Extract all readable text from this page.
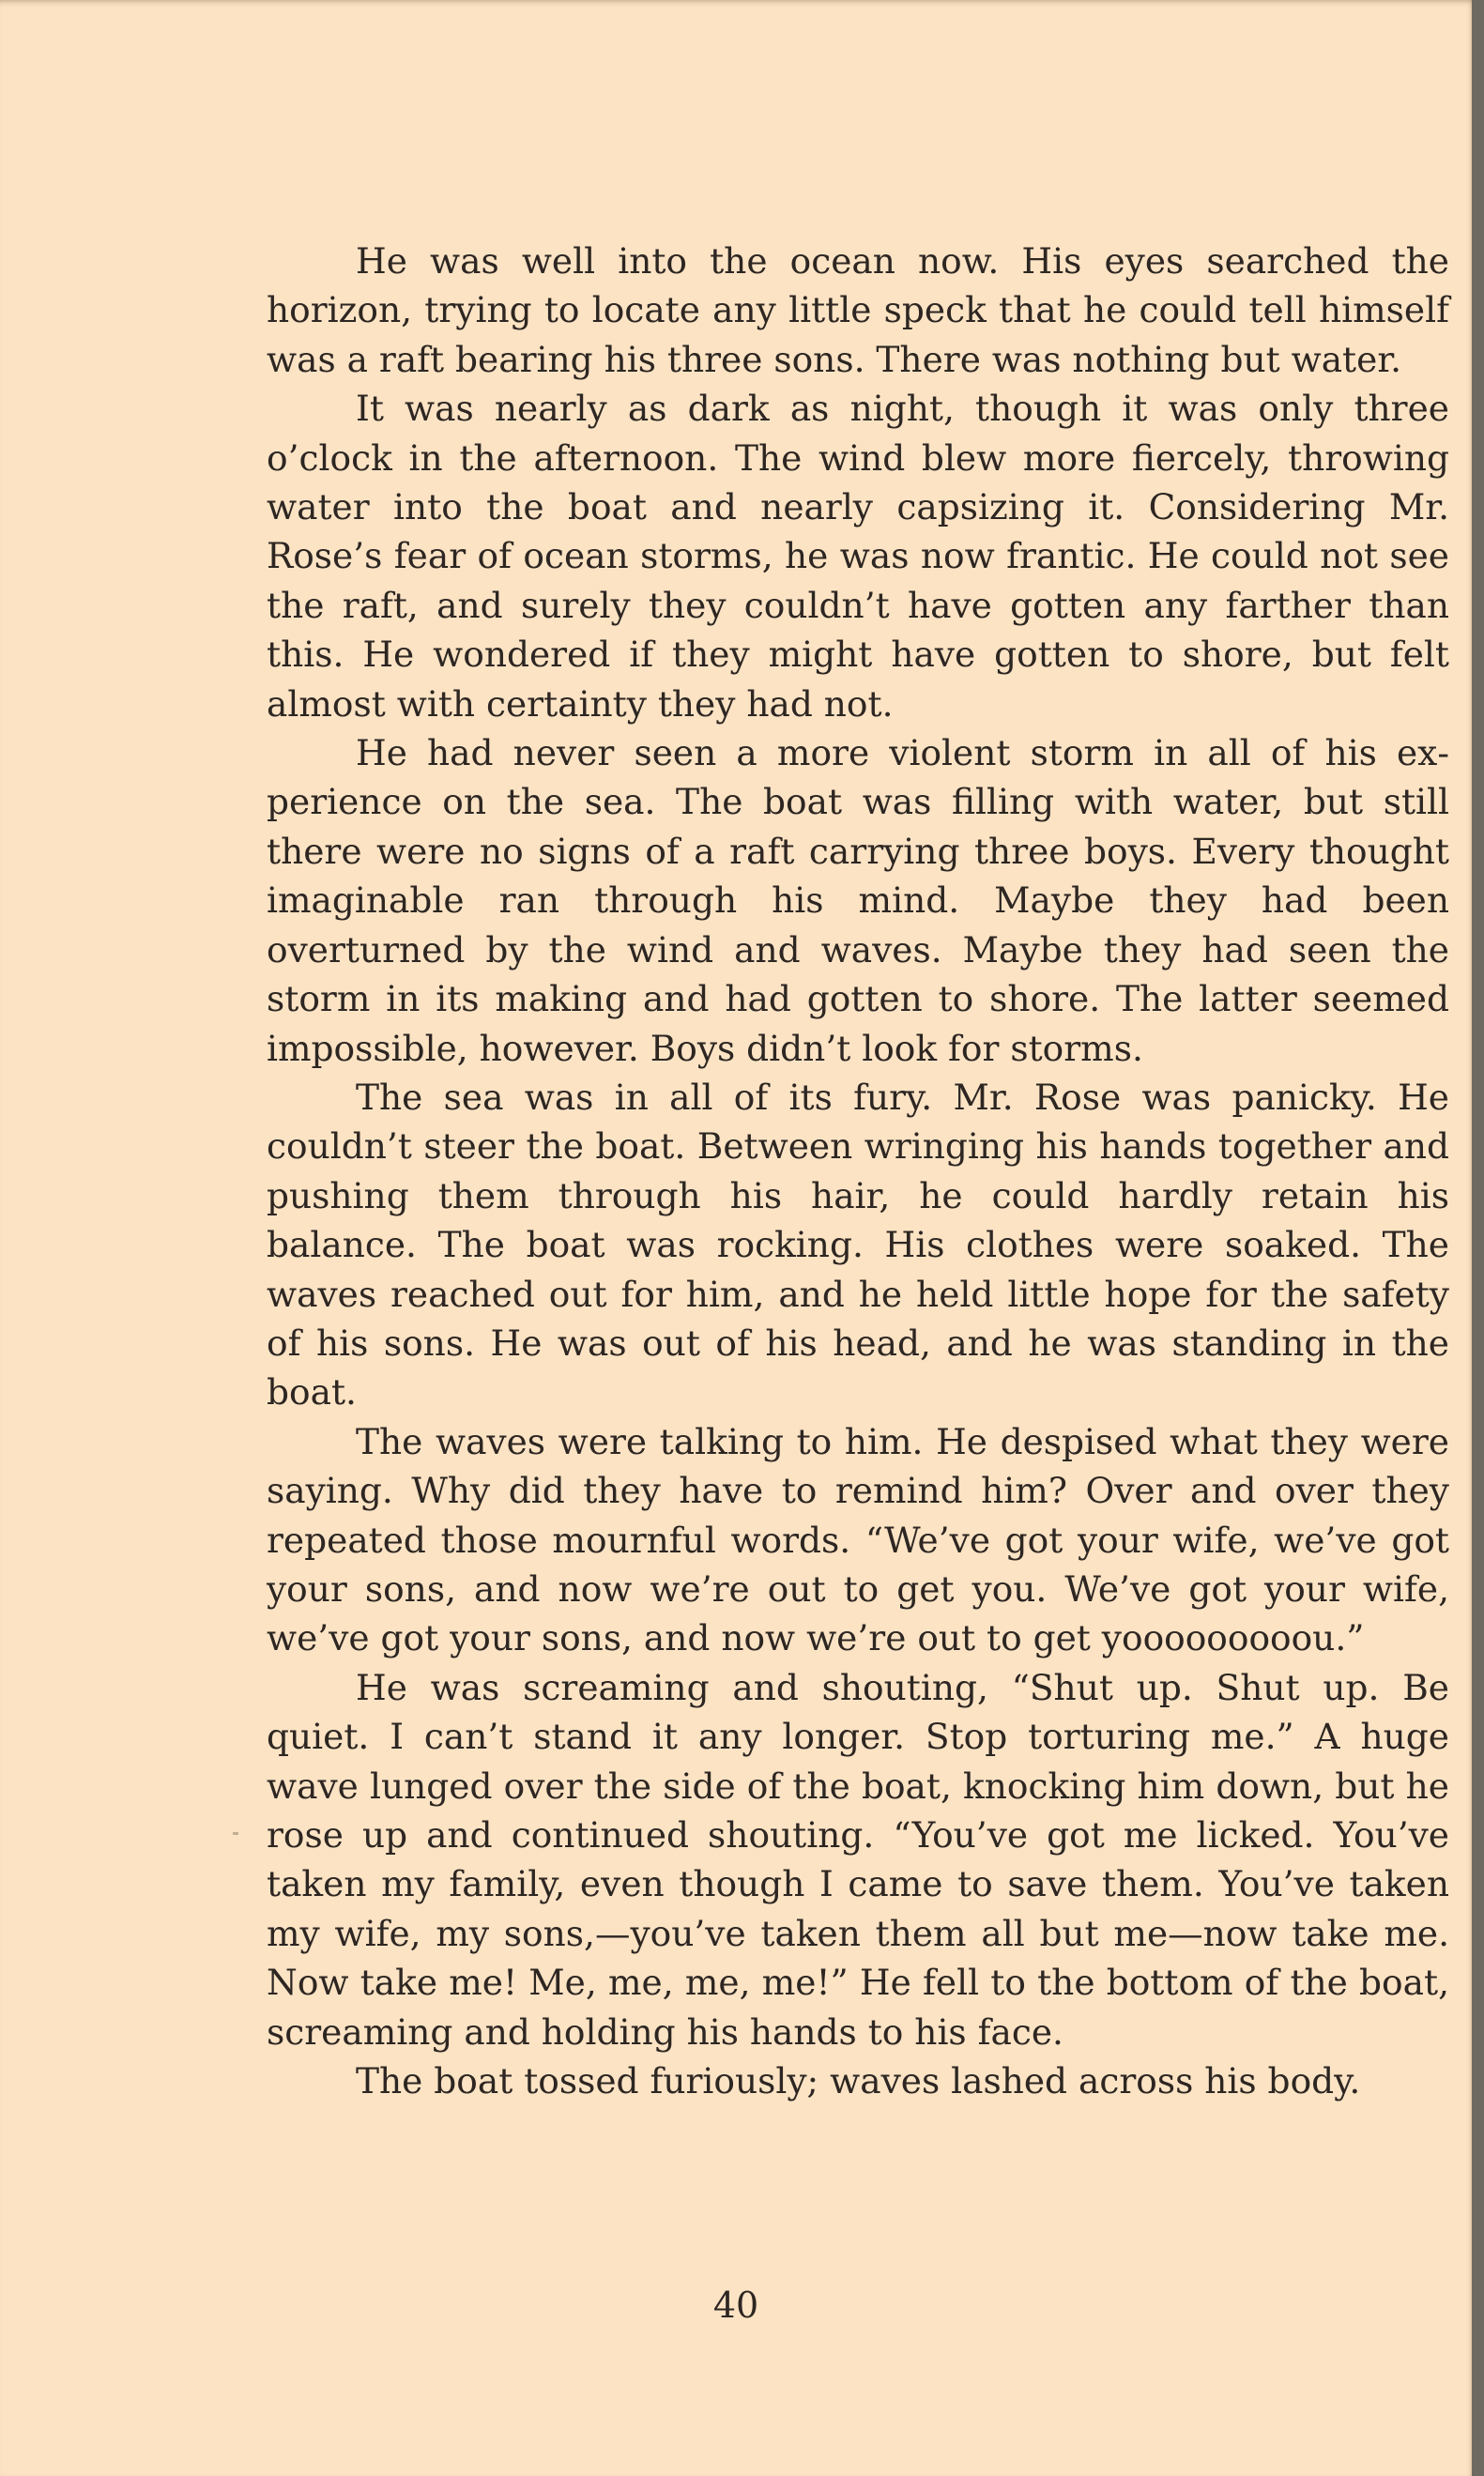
He was well into the ocean now. His eyes searched the horizon, trying to locate any little speck that he could tell himself was a raft bearing his three sons. There was nothing but water.

It was nearly as dark as night, though it was only three o’clock in the afternoon. The wind blew more fiercely, throwing water into the boat and nearly capsizing it. Considering Mr. Rose’s fear of ocean storms, he was now frantic. He could not see the raft, and surely they couldn’t have gotten any farther than this. He wondered if they might have gotten to shore, but felt almost with certainty they had not.

He had never seen a more violent storm in all of his experience on the sea. The boat was filling with water, but still there were no signs of a raft carrying three boys. Every thought imaginable ran through his mind. Maybe they had been overturned by the wind and waves. Maybe they had seen the storm in its making and had gotten to shore. The latter seemed impossible, however. Boys didn’t look for storms.

The sea was in all of its fury. Mr. Rose was panicky. He couldn’t steer the boat. Between wringing his hands together and pushing them through his hair, he could hardly retain his balance. The boat was rocking. His clothes were soaked. The waves reached out for him, and he held little hope for the safety of his sons. He was out of his head, and he was standing in the boat.

The waves were talking to him. He despised what they were saying. Why did they have to remind him? Over and over they repeated those mournful words. “We’ve got your wife, we’ve got your sons, and now we’re out to get you. We’ve got your wife, we’ve got your sons, and now we’re out to get yooooooooou.”

He was screaming and shouting, “Shut up. Shut up. Be quiet. I can’t stand it any longer. Stop torturing me.” A huge wave lunged over the side of the boat, knocking him down, but he rose up and continued shouting. “You’ve got me licked. You’ve taken my family, even though I came to save them. You’ve taken my wife, my sons,—you’ve taken them all but me—now take me. Now take me! Me, me, me, me!” He fell to the bottom of the boat, screaming and holding his hands to his face.

The boat tossed furiously; waves lashed across his body.

40
